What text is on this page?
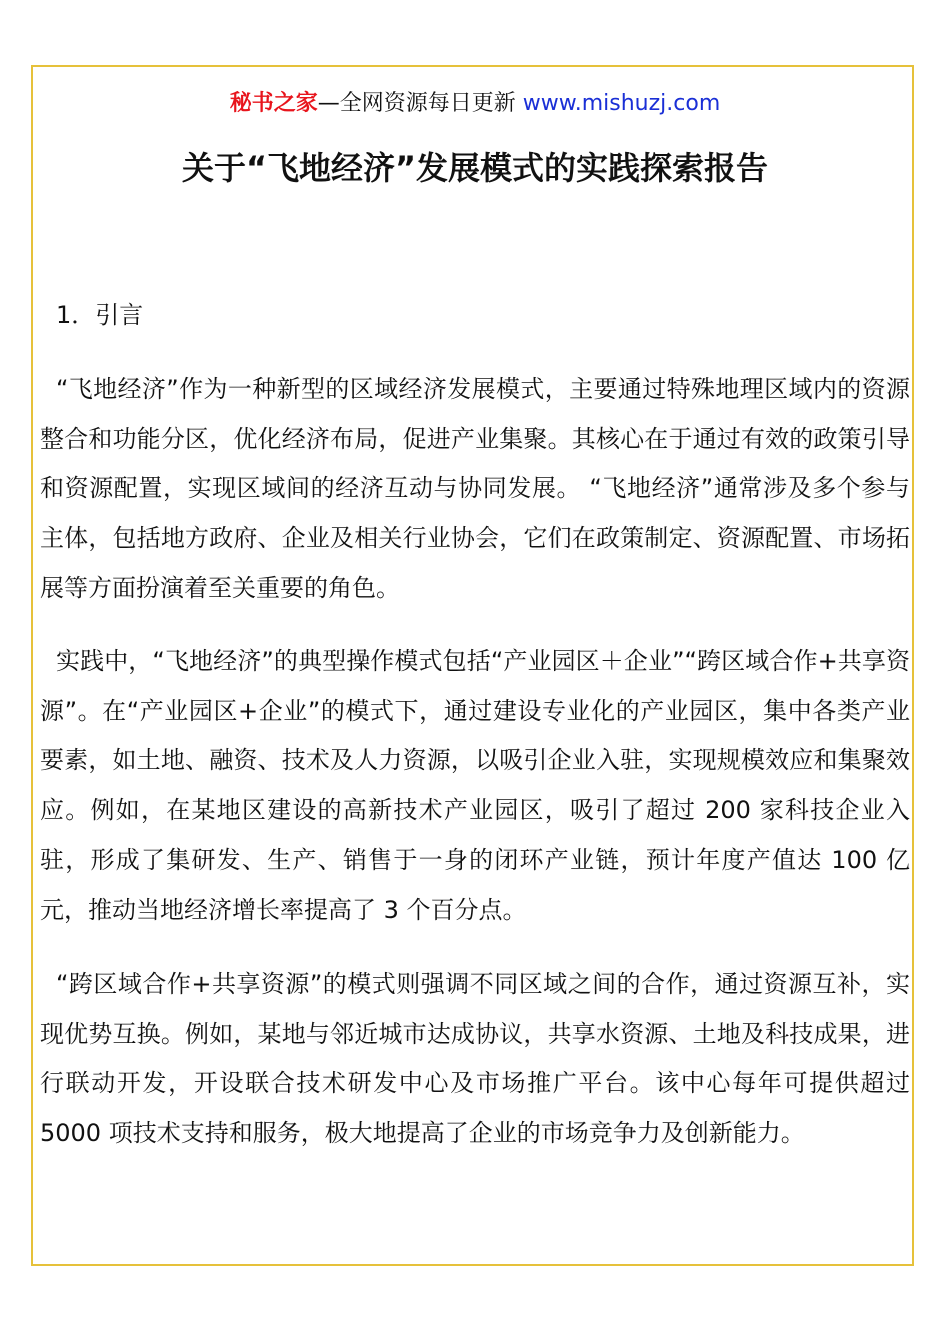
秘书之家—全网资源每日更新 www.mishuzj.com
关于“飞地经济”发展模式的实践探索报告
1．引言

“飞地经济”作为一种新型的区域经济发展模式，主要通过特殊地理区域内的资源整合和功能分区，优化经济布局，促进产业集聚。其核心在于通过有效的政策引导和资源配置，实现区域间的经济互动与协同发展。 “飞地经济”通常涉及多个参与主体，包括地方政府、企业及相关行业协会，它们在政策制定、资源配置、市场拓展等方面扮演着至关重要的角色。

实践中，“飞地经济”的典型操作模式包括“产业园区＋企业”“跨区域合作+共享资源”。在“产业园区+企业”的模式下，通过建设专业化的产业园区，集中各类产业要素，如土地、融资、技术及人力资源，以吸引企业入驻，实现规模效应和集聚效应。例如，在某地区建设的高新技术产业园区，吸引了超过 200 家科技企业入驻，形成了集研发、生产、销售于一身的闭环产业链，预计年度产值达 100 亿元，推动当地经济增长率提高了 3 个百分点。

“跨区域合作+共享资源”的模式则强调不同区域之间的合作，通过资源互补，实现优势互换。例如，某地与邻近城市达成协议，共享水资源、土地及科技成果，进行联动开发，开设联合技术研发中心及市场推广平台。该中心每年可提供超过 5000 项技术支持和服务，极大地提高了企业的市场竞争力及创新能力。
